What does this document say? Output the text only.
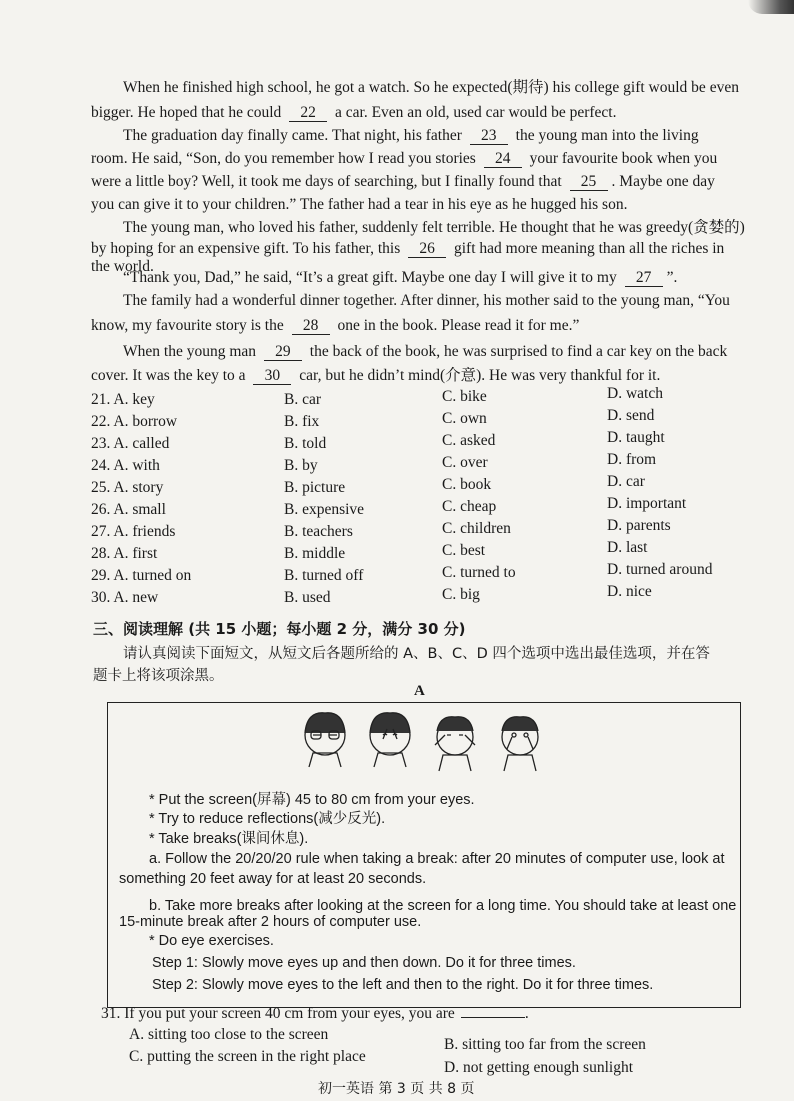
When he finished high school, he got a watch. So he expected(期待) his college gift would be even
bigger. He hoped that he could 22 a car. Even an old, used car would be perfect.
The graduation day finally came. That night, his father 23 the young man into the living
room. He said, “Son, do you remember how I read you stories 24 your favourite book when you
were a little boy? Well, it took me days of searching, but I finally found that 25 . Maybe one day
you can give it to your children.” The father had a tear in his eye as he hugged his son.
The young man, who loved his father, suddenly felt terrible. He thought that he was greedy(贪婪的)
by hoping for an expensive gift. To his father, this 26 gift had more meaning than all the riches in
the world.
“Thank you, Dad,” he said, “It’s a great gift. Maybe one day I will give it to my 27 ”.
The family had a wonderful dinner together. After dinner, his mother said to the young man, “You
know, my favourite story is the 28 one in the book. Please read it for me.”
When the young man 29 the back of the book, he was surprised to find a car key on the back
cover. It was the key to a 30 car, but he didn’t mind(介意). He was very thankful for it.
21. A. key	B. car	C. bike	D. watch
22. A. borrow	B. fix	C. own	D. send
23. A. called	B. told	C. asked	D. taught
24. A. with	B. by	C. over	D. from
25. A. story	B. picture	C. book	D. car
26. A. small	B. expensive	C. cheap	D. important
27. A. friends	B. teachers	C. children	D. parents
28. A. first	B. middle	C. best	D. last
29. A. turned on	B. turned off	C. turned to	D. turned around
30. A. new	B. used	C. big	D. nice
三、阅读理解 (共 15 小题；每小题 2 分，满分 30 分)
请认真阅读下面短文，从短文后各题所给的 A、B、C、D 四个选项中选出最佳选项，并在答
题卡上将该项涂黑。
A
* Put the screen(屏幕) 45 to 80 cm from your eyes.
* Try to reduce reflections(减少反光).
* Take breaks(课间休息).
a. Follow the 20/20/20 rule when taking a break: after 20 minutes of computer use, look at
something 20 feet away for at least 20 seconds.
b. Take more breaks after looking at the screen for a long time. You should take at least one
15-minute break after 2 hours of computer use.
* Do eye exercises.
Step 1: Slowly move eyes up and then down. Do it for three times.
Step 2: Slowly move eyes to the left and then to the right. Do it for three times.
31. If you put your screen 40 cm from your eyes, you are	.
A. sitting too close to the screen
B. sitting too far from the screen
C. putting the screen in the right place
D. not getting enough sunlight
初一英语 第 3 页 共 8 页
